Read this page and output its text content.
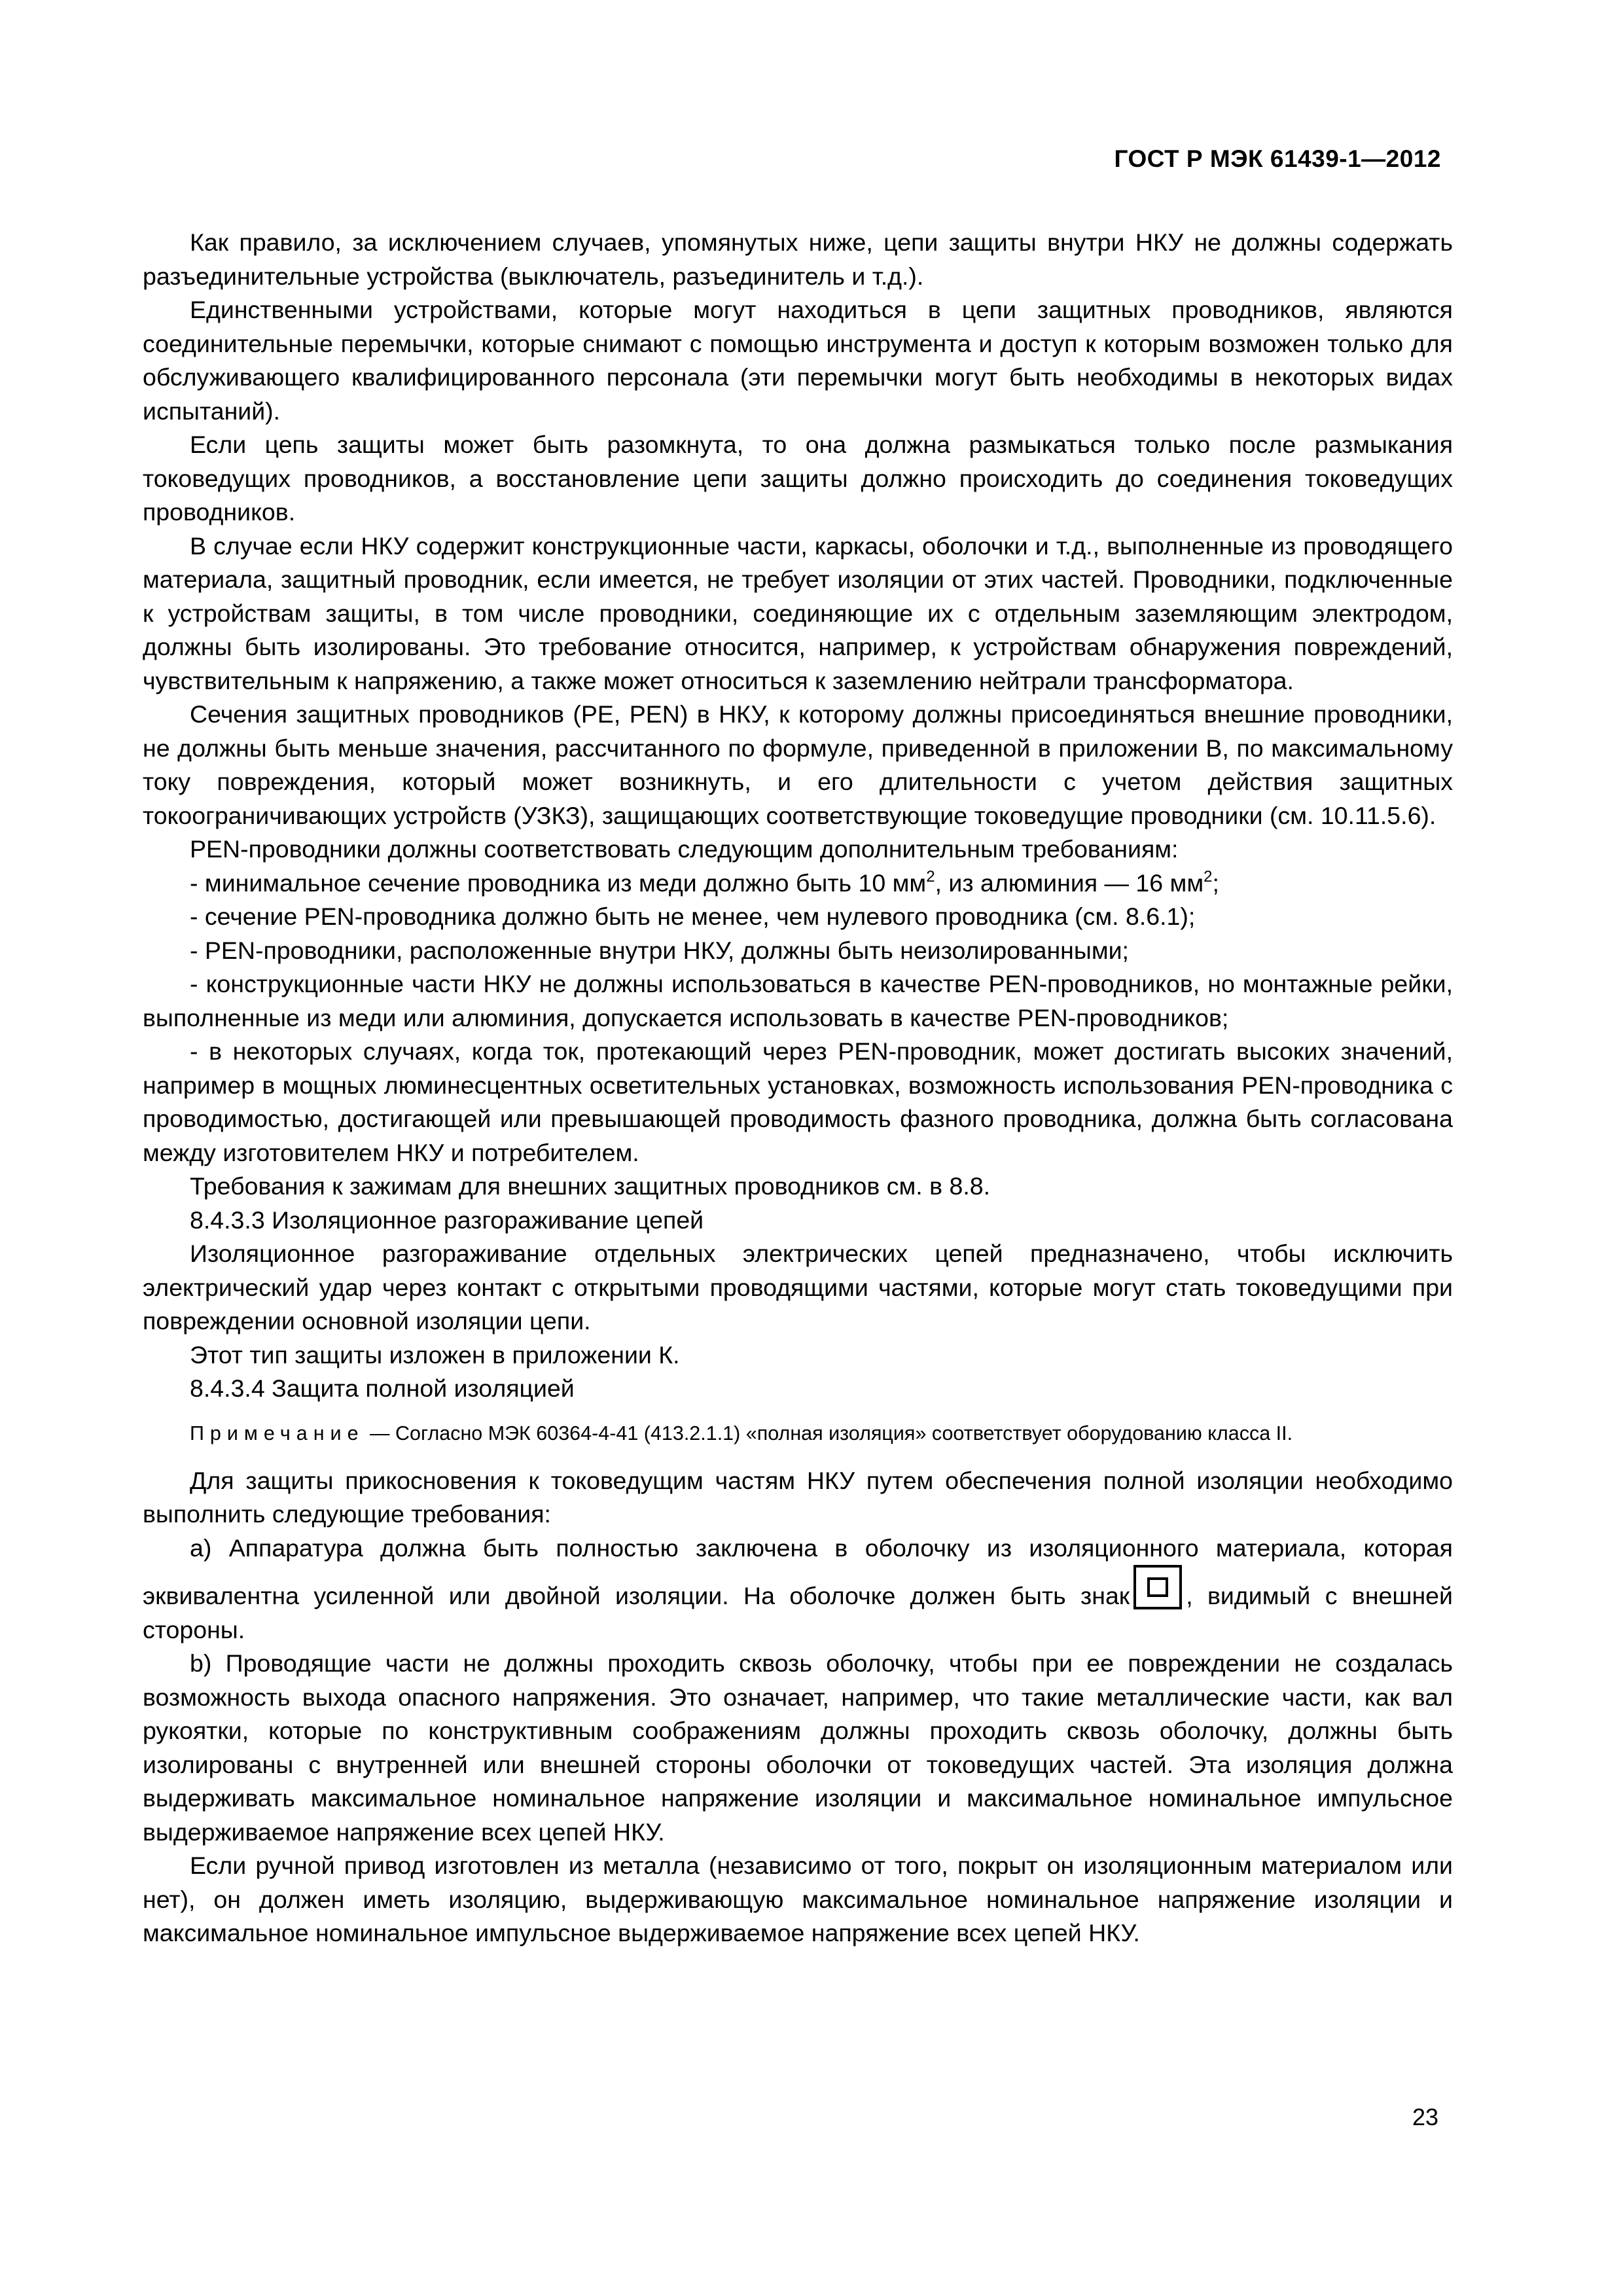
ГОСТ Р МЭК 61439-1—2012

Как правило, за исключением случаев, упомянутых ниже, цепи защиты внутри НКУ не должны содержать разъединительные устройства (выключатель, разъединитель и т.д.).

Единственными устройствами, которые могут находиться в цепи защитных проводников, являются соединительные перемычки, которые снимают с помощью инструмента и доступ к которым возможен только для обслуживающего квалифицированного персонала (эти перемычки могут быть необходимы в некоторых видах испытаний).

Если цепь защиты может быть разомкнута, то она должна размыкаться только после размыкания токоведущих проводников, а восстановление цепи защиты должно происходить до соединения токоведущих проводников.

В случае если НКУ содержит конструкционные части, каркасы, оболочки и т.д., выполненные из проводящего материала, защитный проводник, если имеется, не требует изоляции от этих частей. Проводники, подключенные к устройствам защиты, в том числе проводники, соединяющие их с отдельным заземляющим электродом, должны быть изолированы. Это требование относится, например, к устройствам обнаружения повреждений, чувствительным к напряжению, а также может относиться к заземлению нейтрали трансформатора.

Сечения защитных проводников (РЕ, PEN) в НКУ, к которому должны присоединяться внешние проводники, не должны быть меньше значения, рассчитанного по формуле, приведенной в приложении В, по максимальному току повреждения, который может возникнуть, и его длительности с учетом действия защитных токоограничивающих устройств (УЗКЗ), защищающих соответствующие токоведущие проводники (см. 10.11.5.6).

PEN-проводники должны соответствовать следующим дополнительным требованиям:

- минимальное сечение проводника из меди должно быть 10 $мм^2$, из алюминия — 16 $мм^2$;

- сечение PEN-проводника должно быть не менее, чем нулевого проводника (см. 8.6.1);

- PEN-проводники, расположенные внутри НКУ, должны быть неизолированными;

- конструкционные части НКУ не должны использоваться в качестве PEN-проводников, но монтажные рейки, выполненные из меди или алюминия, допускается использовать в качестве PEN-проводников;

- в некоторых случаях, когда ток, протекающий через PEN-проводник, может достигать высоких значений, например в мощных люминесцентных осветительных установках, возможность использования PEN-проводника с проводимостью, достигающей или превышающей проводимость фазного проводника, должна быть согласована между изготовителем НКУ и потребителем.

Требования к зажимам для внешних защитных проводников см. в 8.8.

8.4.3.3 Изоляционное разгораживание цепей

Изоляционное разгораживание отдельных электрических цепей предназначено, чтобы исключить электрический удар через контакт с открытыми проводящими частями, которые могут стать токоведущими при повреждении основной изоляции цепи.

Этот тип защиты изложен в приложении К.

8.4.3.4 Защита полной изоляцией

Примечание — Согласно МЭК 60364-4-41 (413.2.1.1) «полная изоляция» соответствует оборудованию класса II.

Для защиты прикосновения к токоведущим частям НКУ путем обеспечения полной изоляции необходимо выполнить следующие требования:

а) Аппаратура должна быть полностью заключена в оболочку из изоляционного материала, которая эквивалентна усиленной или двойной изоляции. На оболочке должен быть знак , видимый с внешней стороны.

b) Проводящие части не должны проходить сквозь оболочку, чтобы при ее повреждении не создалась возможность выхода опасного напряжения. Это означает, например, что такие металлические части, как вал рукоятки, которые по конструктивным соображениям должны проходить сквозь оболочку, должны быть изолированы с внутренней или внешней стороны оболочки от токоведущих частей. Эта изоляция должна выдерживать максимальное номинальное напряжение изоляции и максимальное номинальное импульсное выдерживаемое напряжение всех цепей НКУ.

Если ручной привод изготовлен из металла (независимо от того, покрыт он изоляционным материалом или нет), он должен иметь изоляцию, выдерживающую максимальное номинальное напряжение изоляции и максимальное номинальное импульсное выдерживаемое напряжение всех цепей НКУ.

23
